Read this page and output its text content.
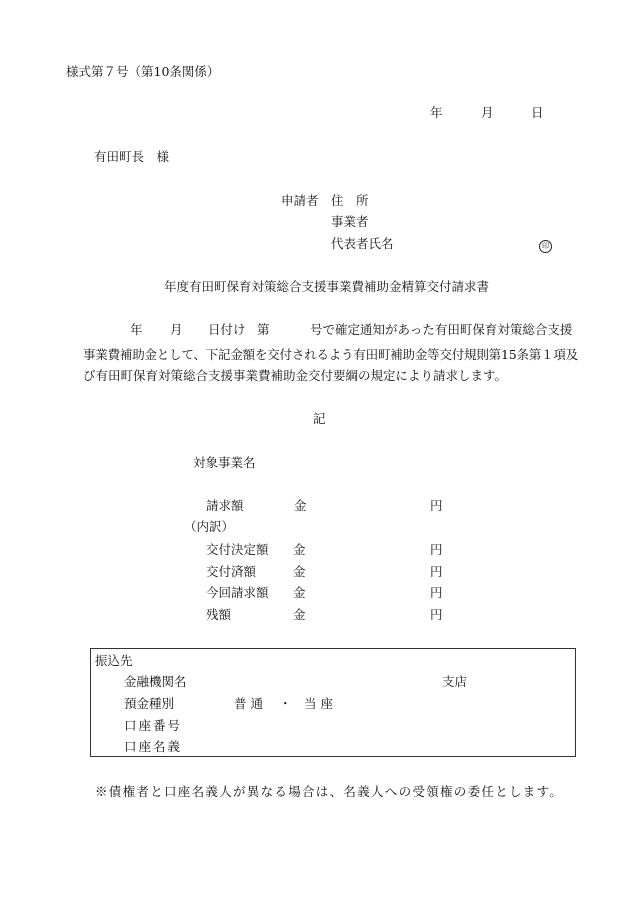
様式第７号（第10条関係）
年	月	日
有田町長　様
申請者 住　所
事業者
代表者氏名	印
年度有田町保育対策総合支援事業費補助金精算交付請求書
年 月 日付け 第	号で確定通知があった有田町保育対策総合支援
事業費補助金として、下記金額を交付されるよう有田町補助金等交付規則第15条第１項及
び有田町保育対策総合支援事業費補助金交付要綱の規定により請求します。
記
対象事業名
請求額	金	円
（内訳）
交付決定額 金	円
交付済額	金	円
今回請求額 金	円
残額	金	円
振込先
金融機関名	支店
預金種別	普通 ・ 当座
口座番号
口座名義
※債権者と口座名義人が異なる場合は、名義人への受領権の委任とします。
